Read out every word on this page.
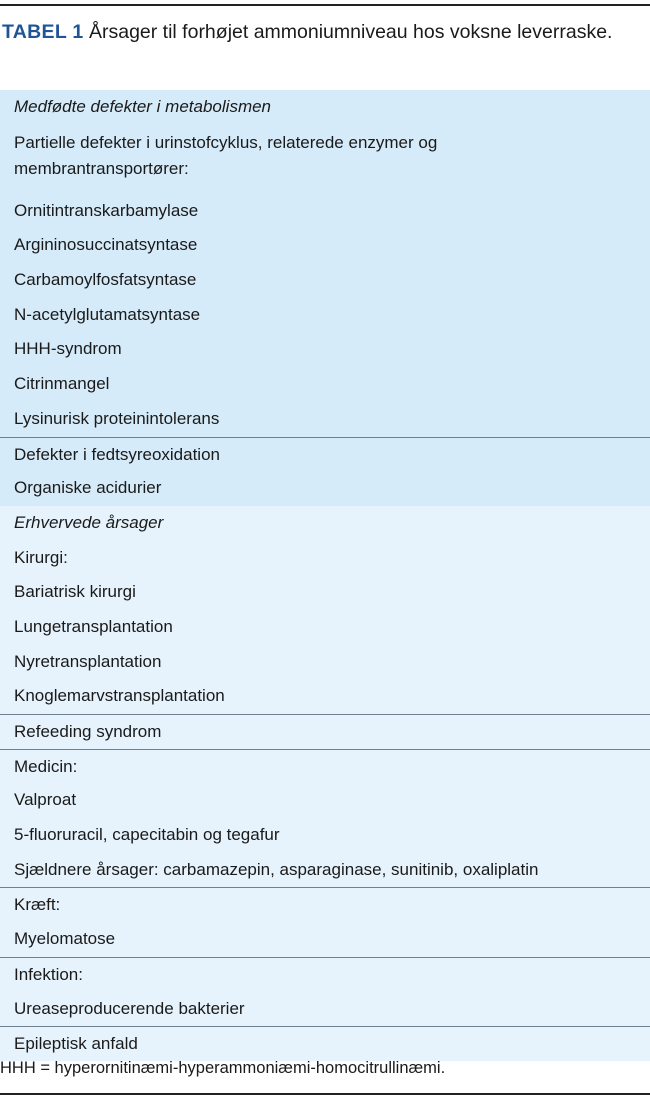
TABEL 1 Årsager til forhøjet ammoniumniveau hos voksne leverraske.
Medfødte defekter i metabolismen
Partielle defekter i urinstofcyklus, relaterede enzymer og membrantransportører:
Ornitintranskarbamylase
Argininosuccinatsyntase
Carbamoylfosfatsyntase
N-acetylglutamatsyntase
HHH-syndrom
Citrinmangel
Lysinurisk proteinintolerans
Defekter i fedtsyreoxidation
Organiske acidurier
Erhvervede årsager
Kirurgi:
Bariatrisk kirurgi
Lungetransplantation
Nyretransplantation
Knoglemarvstransplantation
Refeeding syndrom
Medicin:
Valproat
5-fluoruracil, capecitabin og tegafur
Sjældnere årsager: carbamazepin, asparaginase, sunitinib, oxaliplatin
Kræft:
Myelomatose
Infektion:
Ureaseproducerende bakterier
Epileptisk anfald
HHH = hyperornitinæmi-hyperammoniæmi-homocitrullinæmi.
